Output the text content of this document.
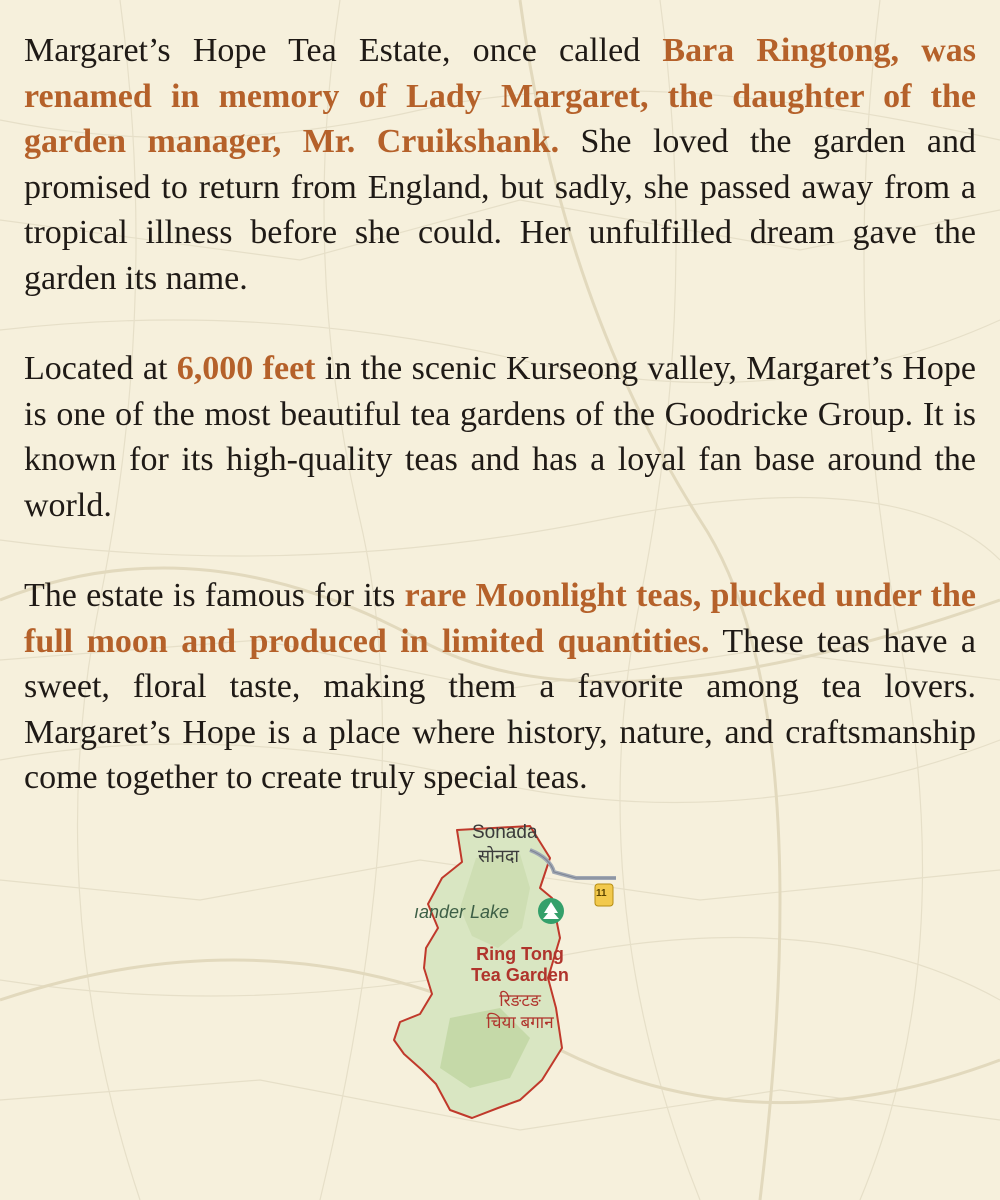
Margaret’s Hope Tea Estate, once called Bara Ringtong, was renamed in memory of Lady Margaret, the daughter of the garden manager, Mr. Cruikshank. She loved the garden and promised to return from England, but sadly, she passed away from a tropical illness before she could. Her unfulfilled dream gave the garden its name.

Located at 6,000 feet in the scenic Kurseong valley, Margaret’s Hope is one of the most beautiful tea gardens of the Goodricke Group. It is known for its high-quality teas and has a loyal fan base around the world.

The estate is famous for its rare Moonlight teas, plucked under the full moon and produced in limited quantities. These teas have a sweet, floral taste, making them a favorite among tea lovers. Margaret’s Hope is a place where history, nature, and craftsmanship come together to create truly special teas.

Sonada
सोनदा
ıander Lake
Ring Tong
Tea Garden
रिङटङ
चिया बगान
11
